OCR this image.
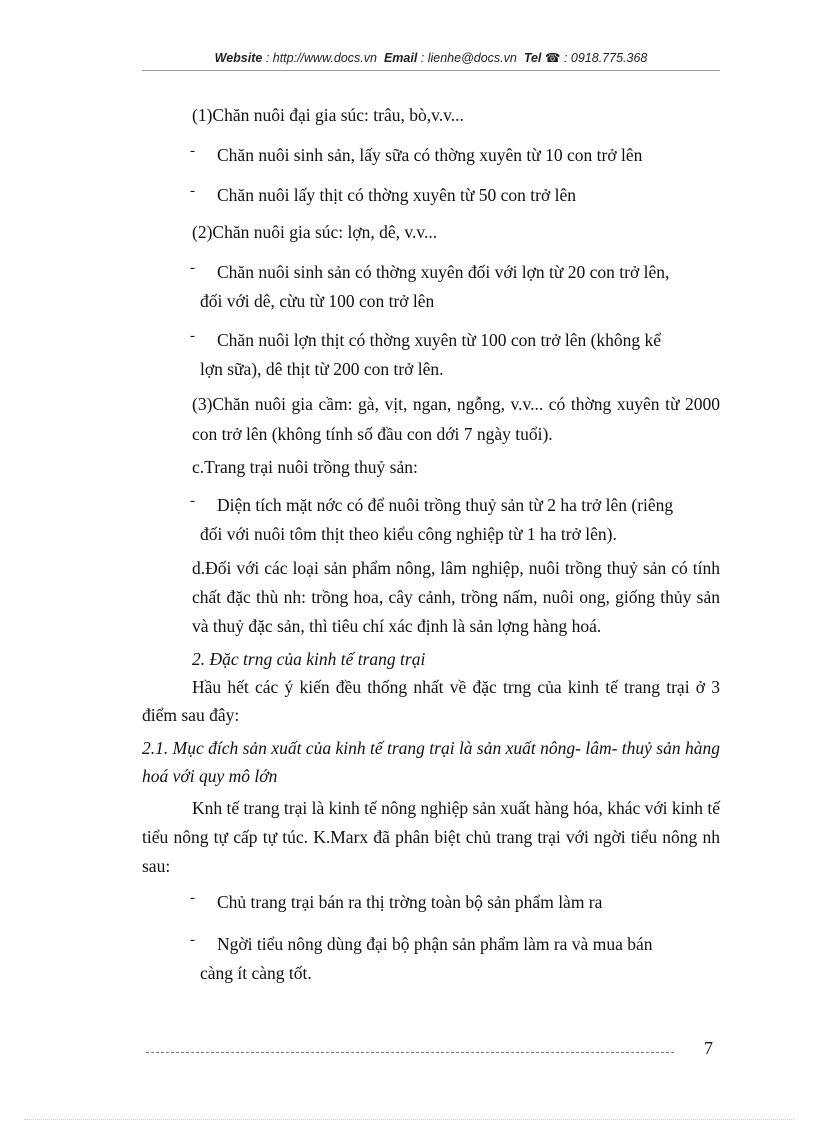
Website : http://www.docs.vn Email : lienhe@docs.vn Tel ☎ : 0918.775.368

(1)Chăn nuôi đại gia súc: trâu, bò,v.v...

-	Chăn nuôi sinh sản, lấy sữa có thờng xuyên từ 10 con trở lên
-	Chăn nuôi lấy thịt có thờng xuyên từ 50 con trở lên

(2)Chăn nuôi gia súc: lợn, dê, v.v...

-	Chăn nuôi sinh sản có thờng xuyên đối với lợn từ 20 con trở lên,
đối với dê, cừu từ 100 con trở lên
-	Chăn nuôi lợn thịt có thờng xuyên từ 100 con trở lên (không kể
lợn sữa), dê thịt từ 200 con trở lên.

(3)Chăn nuôi gia cầm: gà, vịt, ngan, ngỗng, v.v... có thờng xuyên từ 2000 con trở lên (không tính số đầu con dới 7 ngày tuổi).

c.Trang trại nuôi trồng thuỷ sản:

-	Diện tích mặt nớc có để nuôi trồng thuỷ sản từ 2 ha trở lên (riêng
đối với nuôi tôm thịt theo kiểu công nghiệp từ 1 ha trở lên).

d.Đối với các loại sản phẩm nông, lâm nghiệp, nuôi trồng thuỷ sản có tính chất đặc thù nh: trồng hoa, cây cảnh, trồng nấm, nuôi ong, giống thủy sản và thuỷ đặc sản, thì tiêu chí xác định là sản lợng hàng hoá.

2. Đặc trng của kinh tế trang trại

Hầu hết các ý kiến đều thống nhất về đặc trng của kinh tế trang trại ở 3 điểm sau đây:

2.1. Mục đích sản xuất của kinh tế trang trại là sản xuất nông- lâm- thuỷ sản hàng hoá với quy mô lớn

Knh tế trang trại là kinh tế nông nghiệp sản xuất hàng hóa, khác với kinh tế tiểu nông tự cấp tự túc. K.Marx đã phân biệt chủ trang trại với ngời tiểu nông nh sau:

-	Chủ trang trại bán ra thị trờng toàn bộ sản phẩm làm ra
-	Ngời tiểu nông dùng đại bộ phận sản phẩm làm ra và mua bán
càng ít càng tốt.
7
